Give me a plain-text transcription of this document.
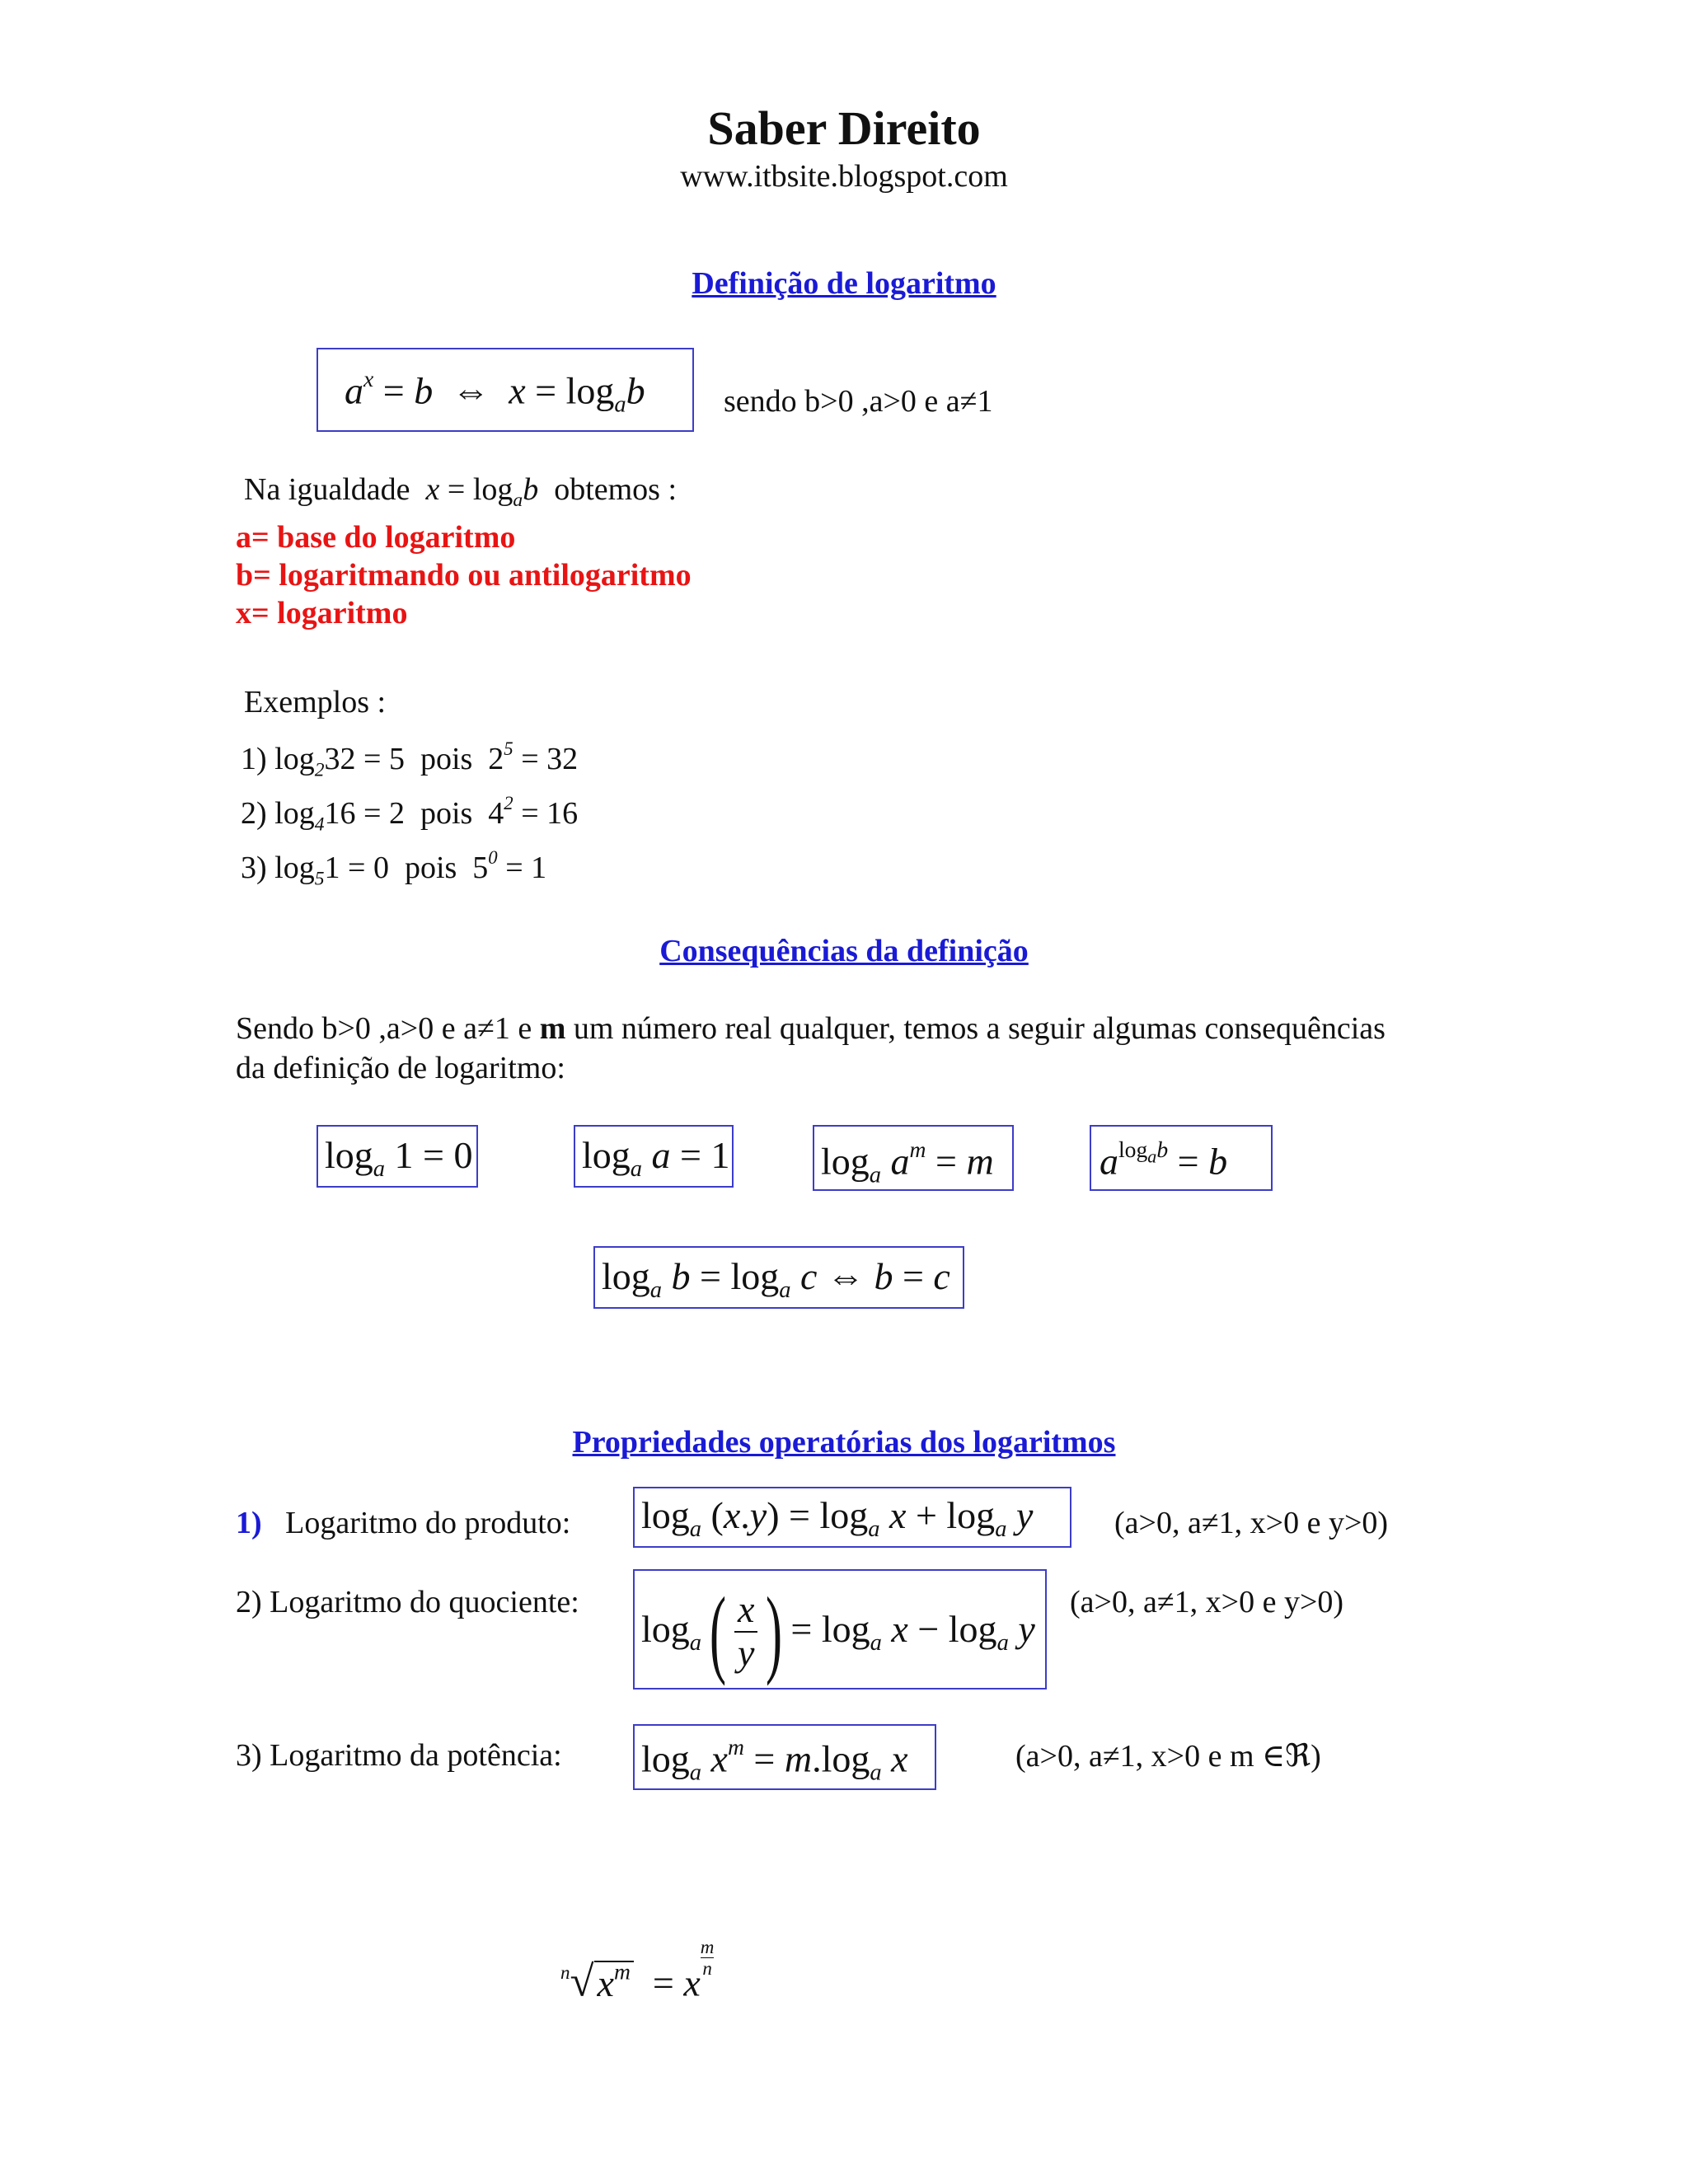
Saber Direito
www.itbsite.blogspot.com
Definição de logaritmo
$a^x = b$  ⇔  $x = \log_ab$	sendo b>0 ,a>0 e a≠1
Na igualdade $x = \log_ab$ obtemos :
a= base do logaritmo
b= logaritmando ou antilogaritmo
x= logaritmo
Exemplos :
1) $\log_232 = 5$ pois $2^5 = 32$
2) $\log_416 = 2$ pois $4^2 = 16$
3) $\log_51 = 0$ pois $5^0 = 1$
Consequências da definição
Sendo b>0 ,a>0 e a≠1 e m um número real qualquer, temos a seguir algumas consequências
da definição de logaritmo:
$\log_a 1 = 0$	$\log_a a = 1$ $\log_a a^m = m$	$a^{log_ab} = b$
$\log_a b = \log_a c$ ⇔ b = c
Propriedades operatórias dos logaritmos
1) Logaritmo do produto: $\log_a (x.y) = \log_a x + \log_a y$	(a>0, a≠1, x>0 e y>0)
2) Logaritmo do quociente:
$\log_a$ ( $\frac{x}{y}$ ) = $\log_a x - \log_a y$
(a>0, a≠1, x>0 e y>0)
3) Logaritmo da potência: $\log_a x^m = m.\log_a$ x	(a>0, a≠1, x>0 e m ∈ℜ)
$^n√x^m = x$
$^{\frac{m}{n}}$
